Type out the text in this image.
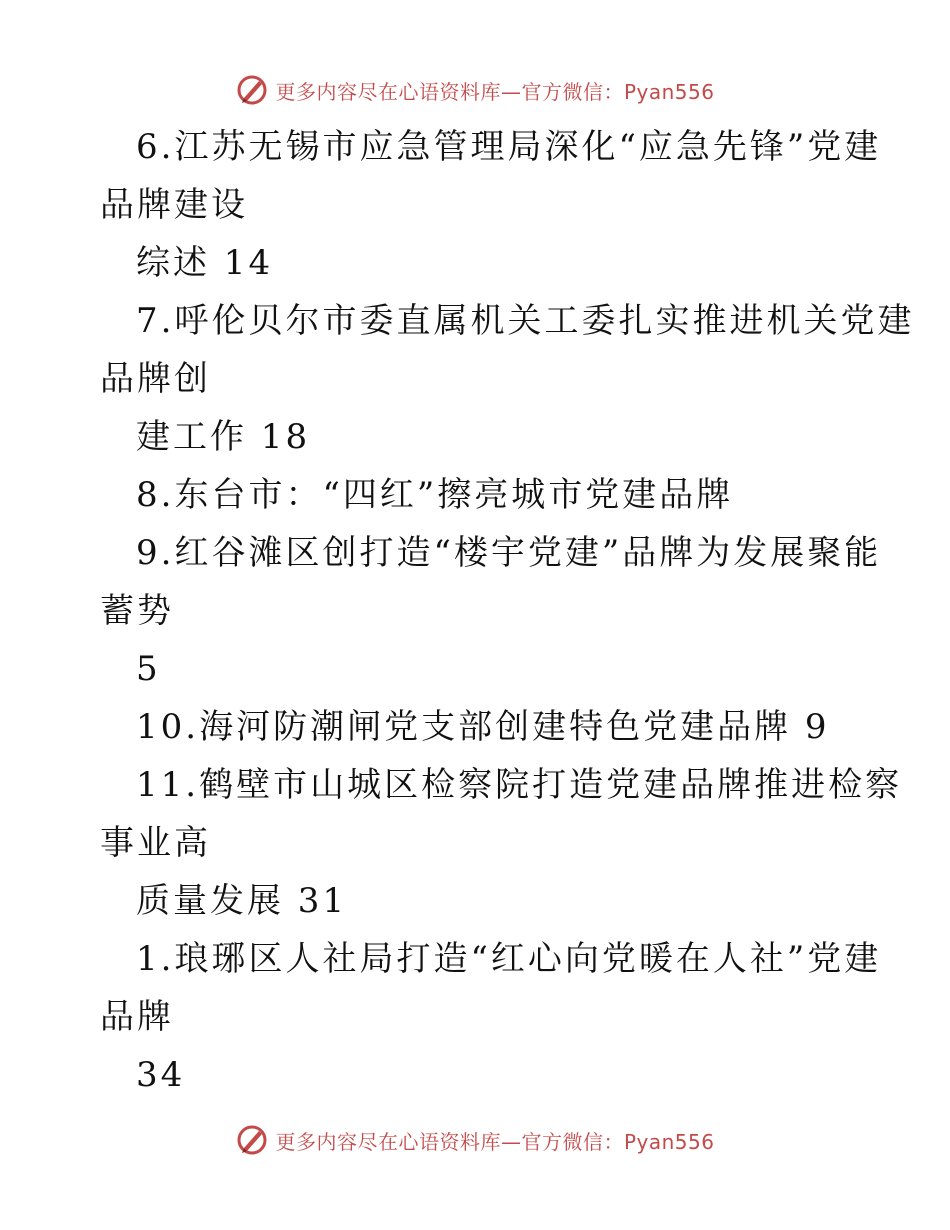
更多内容尽在心语资料库—官方微信：Pyan556
6.江苏无锡市应急管理局深化“应急先锋”党建
品牌建设
综述 14
7.呼伦贝尔市委直属机关工委扎实推进机关党建
品牌创
建工作 18
8.东台市：“四红”擦亮城市党建品牌
9.红谷滩区创打造“楼宇党建”品牌为发展聚能
蓄势
5
10.海河防潮闸党支部创建特色党建品牌 9
11.鹤壁市山城区检察院打造党建品牌推进检察
事业高
质量发展 31
1.琅琊区人社局打造“红心向党暖在人社”党建
品牌
34
更多内容尽在心语资料库—官方微信：Pyan556
